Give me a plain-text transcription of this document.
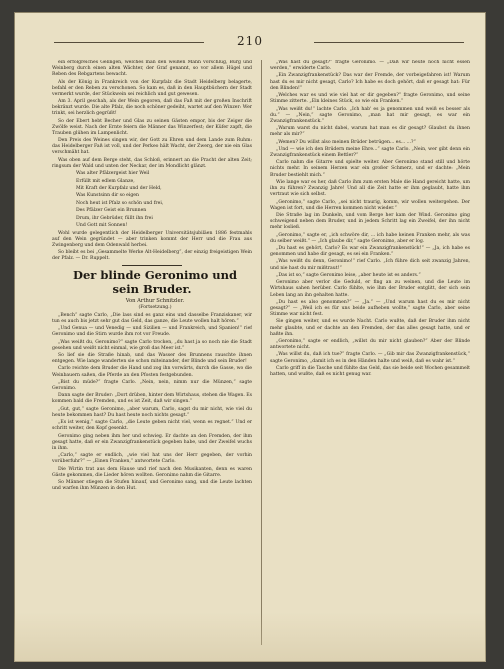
210

ein erfolgreiches Gelingen, welches man den weißen Mann vorschlug, Burg und Weinberg durch einen alten Wächter, der Graf genannt, so vor allem Hügel und Reben des Rebgartens bewacht.

Als der König in Frankreich von der Kurpfalz die Stadt Heidelberg belagerte, befahl er den Reben zu verschonen. So kam es, daß in den Hauptbüchern der Stadt vermerkt wurde, der Stückwein sei reichlich und gut gewesen.

Am 3. April geschah, als der Wein gegoren, daß das Faß mit der großen Inschrift bekränzt wurde. Die alte Pfalz, die noch schöner gedeiht, wartet auf den Winzer: Wer trinkt, sei herzlich gegrüßt!

So der Ebert hebt Becher und Glas zu seinen Gästen empor, bis der Zeiger die Zwölfe weist. Nach der Ernte feiern die Männer das Winzerfest; der Küfer zapft, die Trauben glühen im Lampenlicht.

Den Preis des Weines singen wir, der Gott zu Ehren und dem Lande zum Ruhm: das Heidelberger Faß ist voll, und der Perkeo hält Wacht, der Zwerg, der nie ein Glas verschmäht hat.

Was oben auf dem Berge steht, das Schloß, erinnert an die Pracht der alten Zeit; ringsum der Wald und unten der Neckar, der im Mondlicht glänzt.

Was alter Pfälzergeist hier Weil

Erfüllt mit edlem Glanze,

Mit Kraft der Kurpfalz und der Held,

Was Kunstsinn dir so eigen

Noch heut ist Pfalz so schön und frei,

Des Pfälzer Geist ein Brunnen

Drum, ihr Gebrüder, füllt ihn frei

Und Gott mit Sonnen!

Wohl wurde gelegentlich der Heidelberger Universitätsjubiläen 1886 festmahls auf den Wein gegründet — aber trinken kommt der Herr und die Frau aus Zwingenberg und dem Odenwald herbei.

So bleibt es bei „Gesammelte Werke Alt-Heidelberg“, der einzig freigeistigen Wein der Pfalz. — Dr. Ruppelt.

Der blinde Geronimo und sein Bruder.

Von Arthur Schnitzler.

(Fortsetzung.)

„Bench“ sagte Carlo, „Die lass sind es ganz eins und dasselbe Franziskaner, wir tun es auch bis jetzt sehr gut das Geld, das ganze, die Leute wollen halt hören.“

„Und Genua — und Venedig — und Sizilien — und Frankreich, und Spanien!“ rief Geronimo und die Stirn wurde ihm rot vor Freude.

„Was weißt du, Geronimo?“ sagte Carlo trocken, „du hast ja so noch nie die Stadt gesehen und weißt nicht einmal, wie groß das Meer ist.“

So lief sie die Straße hinab, und das Wasser des Brunnens rauschte ihnen entgegen. Wie lange wanderten sie schon miteinander, der Blinde und sein Bruder!

Carlo reichte dem Bruder die Hand und zog ihn vorwärts, durch die Gasse, wo die Weinbauern saßen, die Pferde an den Pfosten festgebunden.

„Bist du müde?“ fragte Carlo. „Nein, nein, nimm nur die Münzen,“ sagte Geronimo.

Dann sagte der Bruder: „Dort drüben, hinter dem Wirtshaus, stehen die Wagen. Es kommen bald die Fremden, und es ist Zeit, daß wir singen.“

„Gut, gut,“ sagte Geronimo, „aber warum, Carlo, sagst du mir nicht, wie viel du heute bekommen hast? Du hast heute noch nichts gesagt.“

„Es ist wenig,“ sagte Carlo, „die Leute geben nicht viel, wenn es regnet.“ Und er schritt weiter, den Kopf gesenkt.

Geronimo ging neben ihm her und schwieg. Er dachte an den Fremden, der ihm gesagt hatte, daß er ein Zwanzigfrankenstück gegeben habe, und der Zweifel wuchs in ihm.

„Carlo,“ sagte er endlich, „wie viel hat uns der Herr gegeben, der vorhin vorüberfuhr?“ — „Einen Franken,“ antwortete Carlo.

Die Wirtin trat aus dem Hause und rief nach den Musikanten, denn es waren Gäste gekommen, die Lieder hören wollten. Geronimo nahm die Gitarre.

So Männer stiegen die Stufen hinauf, und Geronimo sang, und die Leute lachten und warfen ihm Münzen in den Hut.

„Was hast du gesagt?“ fragte Geronimo. — „Daß wir heute noch nicht essen werden,“ erwiderte Carlo.

„Ein Zwanzigfrankenstück? Das war der Fremde, der vorbeigefahren ist! Warum hast du es mir nicht gesagt, Carlo? Ich habe es doch gehört, daß er gesagt hat: Für den Blinden!“

„Welches war es und wie viel hat er dir gegeben?“ fragte Geronimo, und seine Stimme zitterte. „Ein kleines Stück, so wie ein Franken.“

„Was weißt du!“ lachte Carlo. „Ich hab' es ja genommen und weiß es besser als du.“ — „Nein,“ sagte Geronimo, „man hat mir gesagt, es war ein Zwanzigfrankenstück.“

„Warum warst du nicht dabei, warum hat man es dir gesagt? Glaubst du ihnen mehr als mir?“

„Wemen? Du willst also meinen Brüder betrügen... es... ...?“

„Und — wie ich den Brüdern meine Ehre...“ sagte Carlo. „Nein, wer gibt denn ein Zwanzigfrankenstück einem Bettler?“

Carlo nahm die Gitarre und spielte weiter. Aber Geronimo stand still und hörte nichts mehr. In seinem Herzen war ein großer Schmerz, und er dachte: „Mein Bruder bestiehlt mich.“

Wie lange war es her, daß Carlo ihm zum ersten Male die Hand gereicht hatte, um ihn zu führen? Zwanzig Jahre! Und all die Zeit hatte er ihm geglaubt, hatte ihm vertraut wie sich selbst.

„Geronimo,“ sagte Carlo, „sei nicht traurig, komm, wir wollen weitergehen. Der Wagen ist fort, und die Herren kommen nicht wieder.“

Die Straße lag im Dunkeln, und vom Berge her kam der Wind. Geronimo ging schweigend neben dem Bruder, und in jedem Schritt lag ein Zweifel, der ihn nicht mehr losließ.

„Geronimo,“ sagte er, „ich schwöre dir, ... ich habe keinen Franken mehr, als was du selber weißt.“ — „Ich glaube dir,“ sagte Geronimo, aber er log.

„Du hast es gehört, Carlo? Es war ein Zwanzigfrankenstück!“ — „Ja, ich habe es genommen und habe dir gesagt, es sei ein Franken.“

„Was weißt du denn, Geronimo!“ rief Carlo. „Ich führe dich seit zwanzig Jahren, und nie hast du mir mißtraut!“

„Das ist so,“ sagte Geronimo leise, „aber heute ist es anders.“

Geronimo aber verlor die Geduld, er fing an zu weinen, und die Leute im Wirtshaus sahen herüber. Carlo fühlte, wie ihm der Bruder entglitt, der sich sein Leben lang an ihn gehalten hatte.

„Du hast es also genommen?“ — „Ja.“ — „Und warum hast du es mir nicht gesagt?“ — „Weil ich es für uns beide aufheben wollte,“ sagte Carlo, aber seine Stimme war nicht fest.

Sie gingen weiter, und es wurde Nacht. Carlo wußte, daß der Bruder ihm nicht mehr glaubte, und er dachte an den Fremden, der das alles gesagt hatte, und er haßte ihn.

„Geronimo,“ sagte er endlich, „willst du mir nicht glauben?“ Aber der Blinde antwortete nicht.

„Was willst du, daß ich tue?“ fragte Carlo. — „Gib mir das Zwanzigfrankenstück,“ sagte Geronimo, „damit ich es in den Händen halte und weiß, daß es wahr ist.“

Carlo griff in die Tasche und fühlte das Geld, das sie beide seit Wochen gesammelt hatten, und wußte, daß es nicht genug war.
